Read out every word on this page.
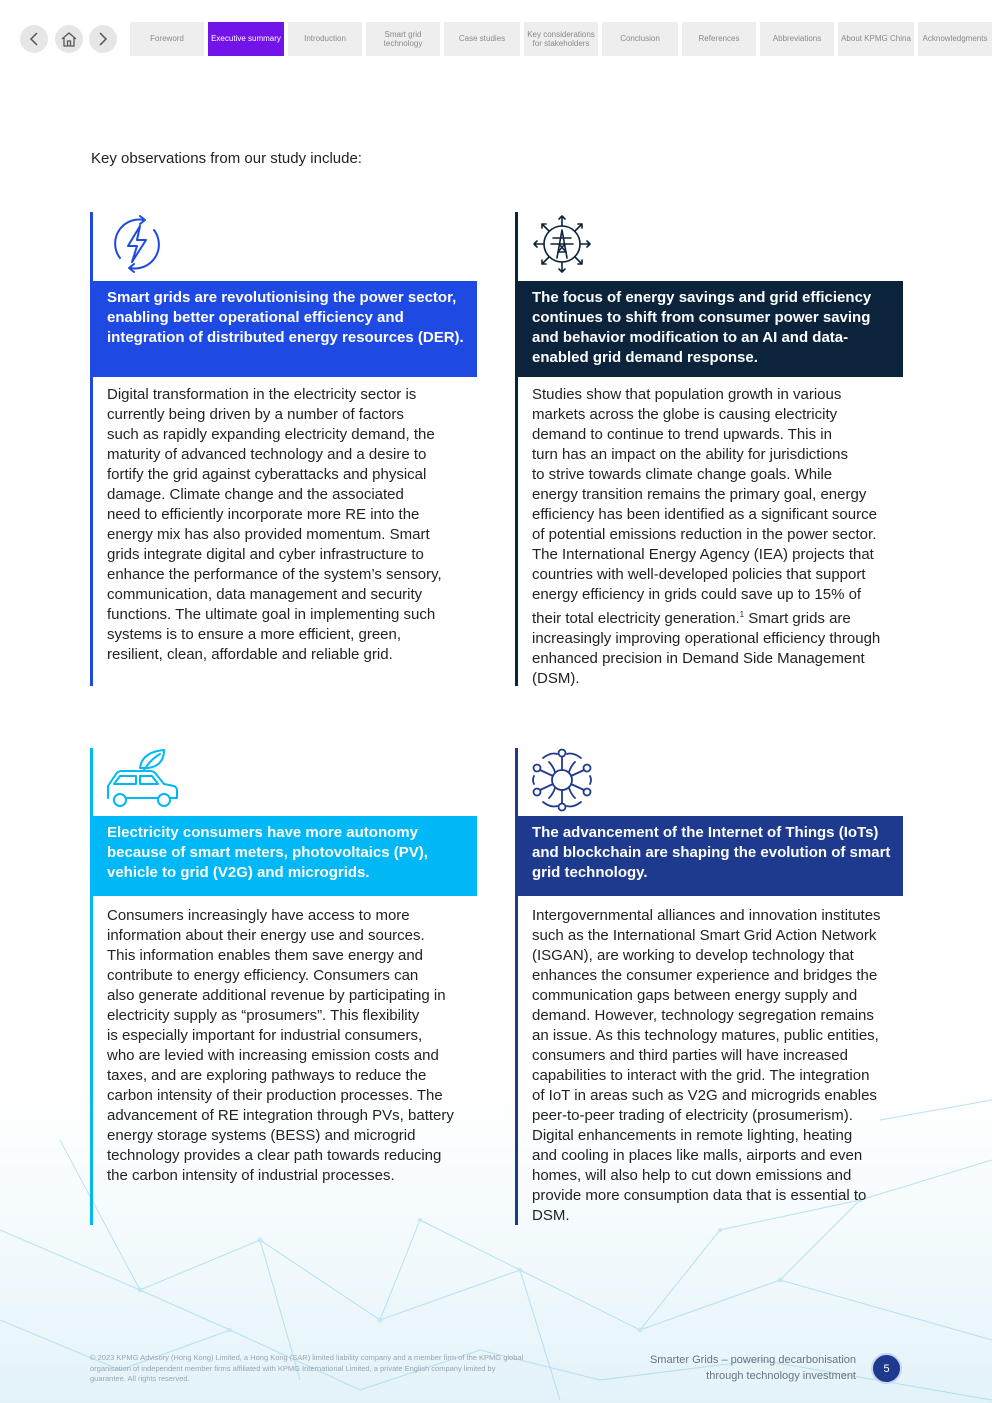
Foreword	Executive summary	Introduction
Smart grid technology
Case studies
Key considerations for stakeholders
Conclusion	References	Abbreviations	About KPMG China	Acknowledgments
Key observations from our study include:
Smart grids are revolutionising the power sector, enabling better operational efficiency and integration of distributed energy resources (DER).
Digital transformation in the electricity sector is
currently being driven by a number of factors
such as rapidly expanding electricity demand, the
maturity of advanced technology and a desire to
fortify the grid against cyberattacks and physical
damage. Climate change and the associated
need to efficiently incorporate more RE into the
energy mix has also provided momentum. Smart
grids integrate digital and cyber infrastructure to
enhance the performance of the system’s sensory,
communication, data management and security
functions. The ultimate goal in implementing such
systems is to ensure a more efficient, green,
resilient, clean, affordable and reliable grid.
The focus of energy savings and grid efficiency continues to shift from consumer power saving and behavior modification to an AI and data-enabled grid demand response.
Studies show that population growth in various
markets across the globe is causing electricity
demand to continue to trend upwards. This in
turn has an impact on the ability for jurisdictions
to strive towards climate change goals. While
energy transition remains the primary goal, energy
efficiency has been identified as a significant source
of potential emissions reduction in the power sector.
The International Energy Agency (IEA) projects that
countries with well-developed policies that support
energy efficiency in grids could save up to 15% of
their total electricity generation.$^1$ Smart grids are
increasingly improving operational efficiency through
enhanced precision in Demand Side Management
(DSM).
Electricity consumers have more autonomy because of smart meters, photovoltaics (PV), vehicle to grid (V2G) and microgrids.
Consumers increasingly have access to more
information about their energy use and sources.
This information enables them save energy and
contribute to energy efficiency. Consumers can
also generate additional revenue by participating in
electricity supply as “prosumers”. This flexibility
is especially important for industrial consumers,
who are levied with increasing emission costs and
taxes, and are exploring pathways to reduce the
carbon intensity of their production processes. The
advancement of RE integration through PVs, battery
energy storage systems (BESS) and microgrid
technology provides a clear path towards reducing
the carbon intensity of industrial processes.
The advancement of the Internet of Things (IoTs) and blockchain are shaping the evolution of smart grid technology.
Intergovernmental alliances and innovation institutes
such as the International Smart Grid Action Network
(ISGAN), are working to develop technology that
enhances the consumer experience and bridges the
communication gaps between energy supply and
demand. However, technology segregation remains
an issue. As this technology matures, public entities,
consumers and third parties will have increased
capabilities to interact with the grid. The integration
of IoT in areas such as V2G and microgrids enables
peer-to-peer trading of electricity (prosumerism).
Digital enhancements in remote lighting, heating
and cooling in places like malls, airports and even
homes, will also help to cut down emissions and
provide more consumption data that is essential to
DSM.
© 2023 KPMG Advisory (Hong Kong) Limited, a Hong Kong (SAR) limited liability company and a member firm of the KPMG global organisation of independent member firms affiliated with KPMG International Limited, a private English company limited by guarantee. All rights reserved.
Smarter Grids – powering decarbonisation
through technology investment
5
